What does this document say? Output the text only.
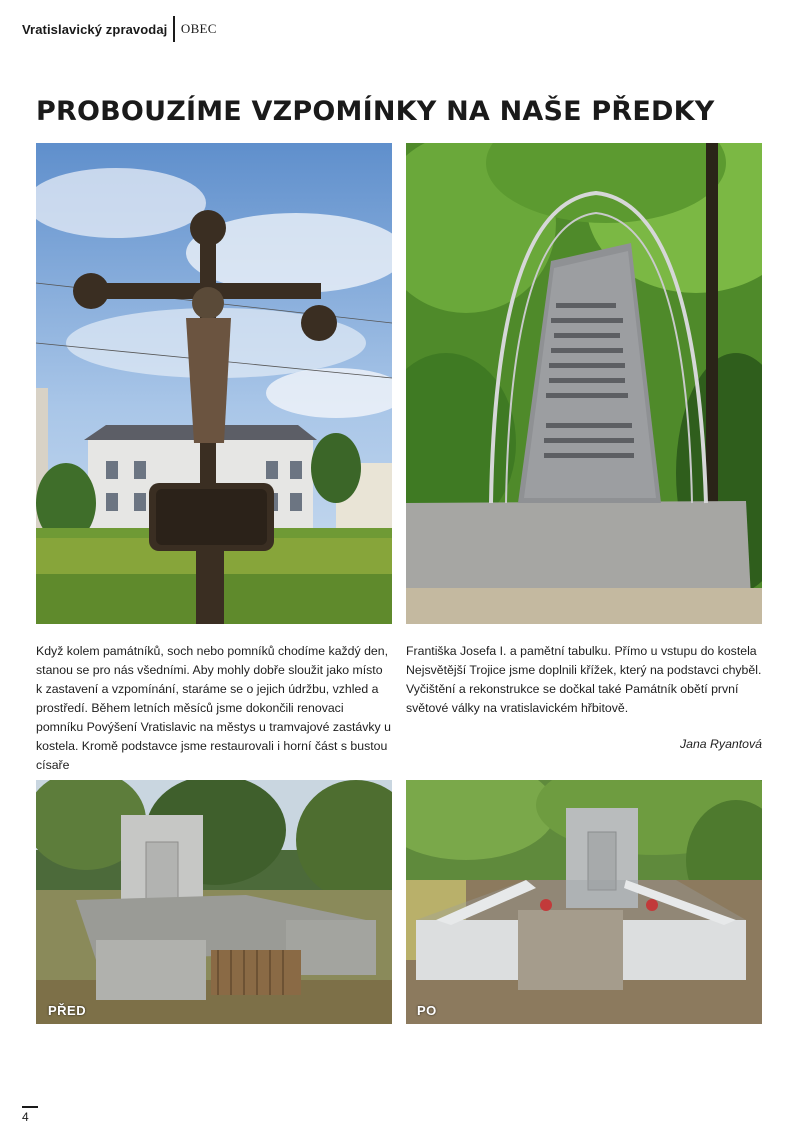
Vratislavický zpravodaj OBEC
PROBOUZÍME VZPOMÍNKY NA NAŠE PŘEDKY

Když kolem památníků, soch nebo pomníků chodíme každý den, stanou se pro nás všedními. Aby mohly dobře sloužit jako místo k zastavení a vzpomínání, staráme se o jejich údržbu, vzhled a prostředí. Během letních měsíců jsme dokončili renovaci pomníku Povýšení Vratislavic na městys u tramvajové zastávky u kostela. Kromě podstavce jsme restaurovali i horní část s bustou císaře

Františka Josefa I. a pamětní tabulku. Přímo u vstupu do kostela Nejsvětější Trojice jsme doplnili křížek, který na podstavci chyběl. Vyčištění a rekonstrukce se dočkal také Památník obětí první světové války na vratislavickém hřbitově.

Jana Ryantová
PŘED	PO
4
